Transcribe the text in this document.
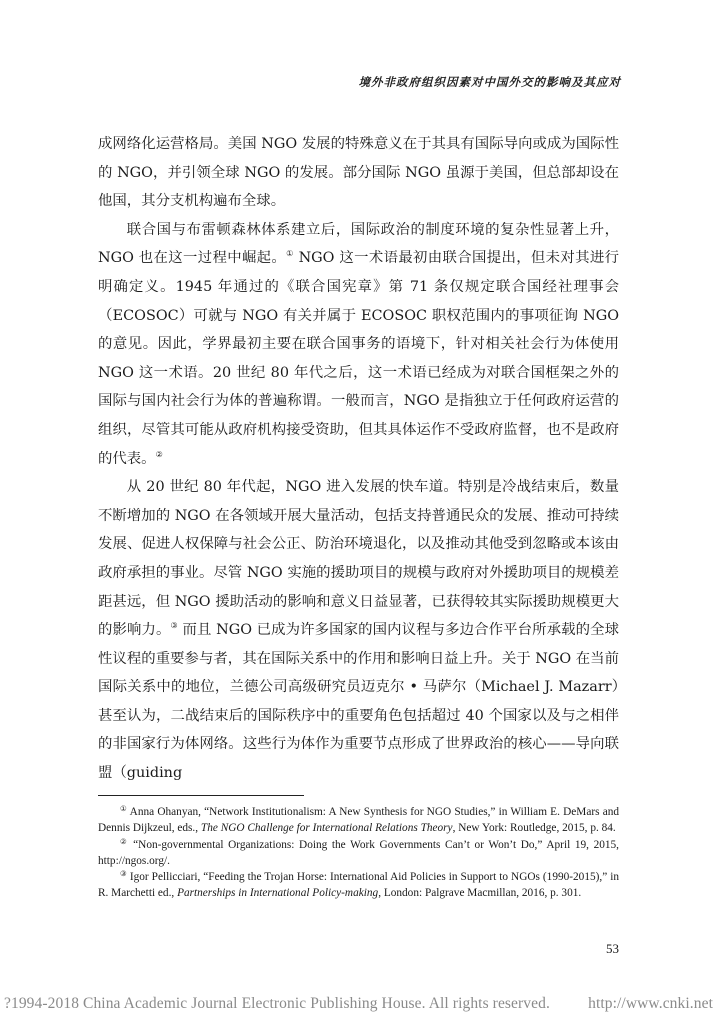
境外非政府组织因素对中国外交的影响及其应对

成网络化运营格局。美国 NGO 发展的特殊意义在于其具有国际导向或成为国际性的 NGO，并引领全球 NGO 的发展。部分国际 NGO 虽源于美国，但总部却设在他国，其分支机构遍布全球。

联合国与布雷顿森林体系建立后，国际政治的制度环境的复杂性显著上升，NGO 也在这一过程中崛起。① NGO 这一术语最初由联合国提出，但未对其进行明确定义。1945 年通过的《联合国宪章》第 71 条仅规定联合国经社理事会（ECOSOC）可就与 NGO 有关并属于 ECOSOC 职权范围内的事项征询 NGO 的意见。因此，学界最初主要在联合国事务的语境下，针对相关社会行为体使用 NGO 这一术语。20 世纪 80 年代之后，这一术语已经成为对联合国框架之外的国际与国内社会行为体的普遍称谓。一般而言，NGO 是指独立于任何政府运营的组织，尽管其可能从政府机构接受资助，但其具体运作不受政府监督，也不是政府的代表。②

从 20 世纪 80 年代起，NGO 进入发展的快车道。特别是冷战结束后，数量不断增加的 NGO 在各领域开展大量活动，包括支持普通民众的发展、推动可持续发展、促进人权保障与社会公正、防治环境退化，以及推动其他受到忽略或本该由政府承担的事业。尽管 NGO 实施的援助项目的规模与政府对外援助项目的规模差距甚远，但 NGO 援助活动的影响和意义日益显著，已获得较其实际援助规模更大的影响力。③ 而且 NGO 已成为许多国家的国内议程与多边合作平台所承载的全球性议程的重要参与者，其在国际关系中的作用和影响日益上升。关于 NGO 在当前国际关系中的地位，兰德公司高级研究员迈克尔 • 马萨尔（Michael J. Mazarr）甚至认为，二战结束后的国际秩序中的重要角色包括超过 40 个国家以及与之相伴的非国家行为体网络。这些行为体作为重要节点形成了世界政治的核心——导向联盟（guiding

① Anna Ohanyan, “Network Institutionalism: A New Synthesis for NGO Studies,” in William E. DeMars and Dennis Dijkzeul, eds., The NGO Challenge for International Relations Theory, New York: Routledge, 2015, p. 84.

② “Non-governmental Organizations: Doing the Work Governments Can’t or Won’t Do,” April 19, 2015, http://ngos.org/.

③ Igor Pellicciari, “Feeding the Trojan Horse: International Aid Policies in Support to NGOs (1990-2015),” in R. Marchetti ed., Partnerships in International Policy-making, London: Palgrave Macmillan, 2016, p. 301.

53
?1994-2018 China Academic Journal Electronic Publishing House. All rights reserved. http://www.cnki.net
